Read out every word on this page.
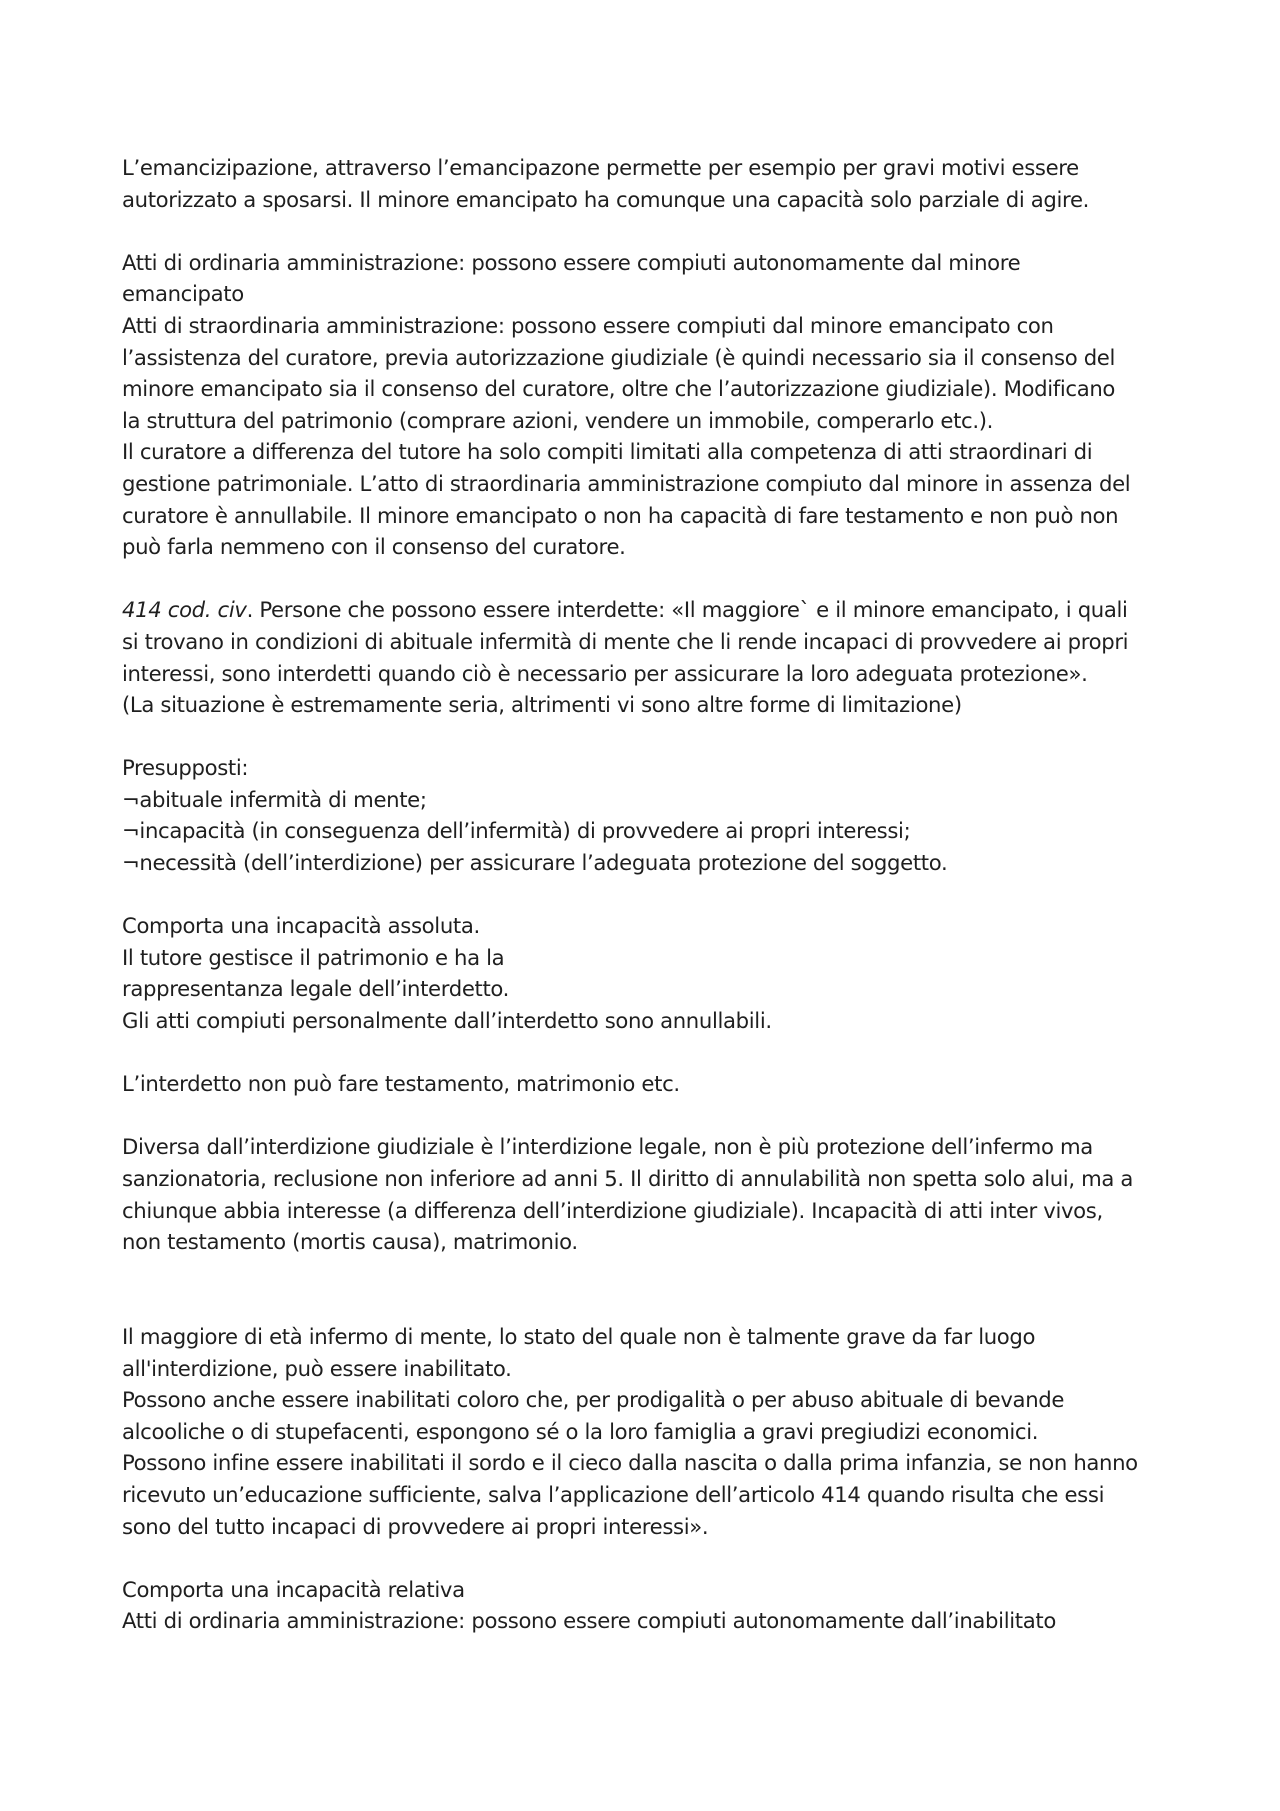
L’emancizipazione, attraverso l’emancipazone permette per esempio per gravi motivi essere
autorizzato a sposarsi. Il minore emancipato ha comunque una capacità solo parziale di agire.
Atti di ordinaria amministrazione: possono essere compiuti autonomamente dal minore
emancipato
Atti di straordinaria amministrazione: possono essere compiuti dal minore emancipato con
l’assistenza del curatore, previa autorizzazione giudiziale (è quindi necessario sia il consenso del
minore emancipato sia il consenso del curatore, oltre che l’autorizzazione giudiziale). Modificano
la struttura del patrimonio (comprare azioni, vendere un immobile, comperarlo etc.).
Il curatore a differenza del tutore ha solo compiti limitati alla competenza di atti straordinari di
gestione patrimoniale. L’atto di straordinaria amministrazione compiuto dal minore in assenza del
curatore è annullabile. Il minore emancipato o non ha capacità di fare testamento e non può non
può farla nemmeno con il consenso del curatore.
414 cod. civ. Persone che possono essere interdette: «Il maggiore` e il minore emancipato, i quali
si trovano in condizioni di abituale infermità di mente che li rende incapaci di provvedere ai propri
interessi, sono interdetti quando ciò è necessario per assicurare la loro adeguata protezione».
(La situazione è estremamente seria, altrimenti vi sono altre forme di limitazione)
Presupposti:
¬abituale infermità di mente;
¬incapacità (in conseguenza dell’infermità) di provvedere ai propri interessi;
¬necessità (dell’interdizione) per assicurare l’adeguata protezione del soggetto.
Comporta una incapacità assoluta.
Il tutore gestisce il patrimonio e ha la
rappresentanza legale dell’interdetto.
Gli atti compiuti personalmente dall’interdetto sono annullabili.
L’interdetto non può fare testamento, matrimonio etc.
Diversa dall’interdizione giudiziale è l’interdizione legale, non è più protezione dell’infermo ma
sanzionatoria, reclusione non inferiore ad anni 5. Il diritto di annulabilità non spetta solo alui, ma a
chiunque abbia interesse (a differenza dell’interdizione giudiziale). Incapacità di atti inter vivos,
non testamento (mortis causa), matrimonio.
Il maggiore di età infermo di mente, lo stato del quale non è talmente grave da far luogo
all'interdizione, può essere inabilitato.
Possono anche essere inabilitati coloro che, per prodigalità o per abuso abituale di bevande
alcooliche o di stupefacenti, espongono sé o la loro famiglia a gravi pregiudizi economici.
Possono infine essere inabilitati il sordo e il cieco dalla nascita o dalla prima infanzia, se non hanno
ricevuto un’educazione sufficiente, salva l’applicazione dell’articolo 414 quando risulta che essi
sono del tutto incapaci di provvedere ai propri interessi».
Comporta una incapacità relativa
Atti di ordinaria amministrazione: possono essere compiuti autonomamente dall’inabilitato
